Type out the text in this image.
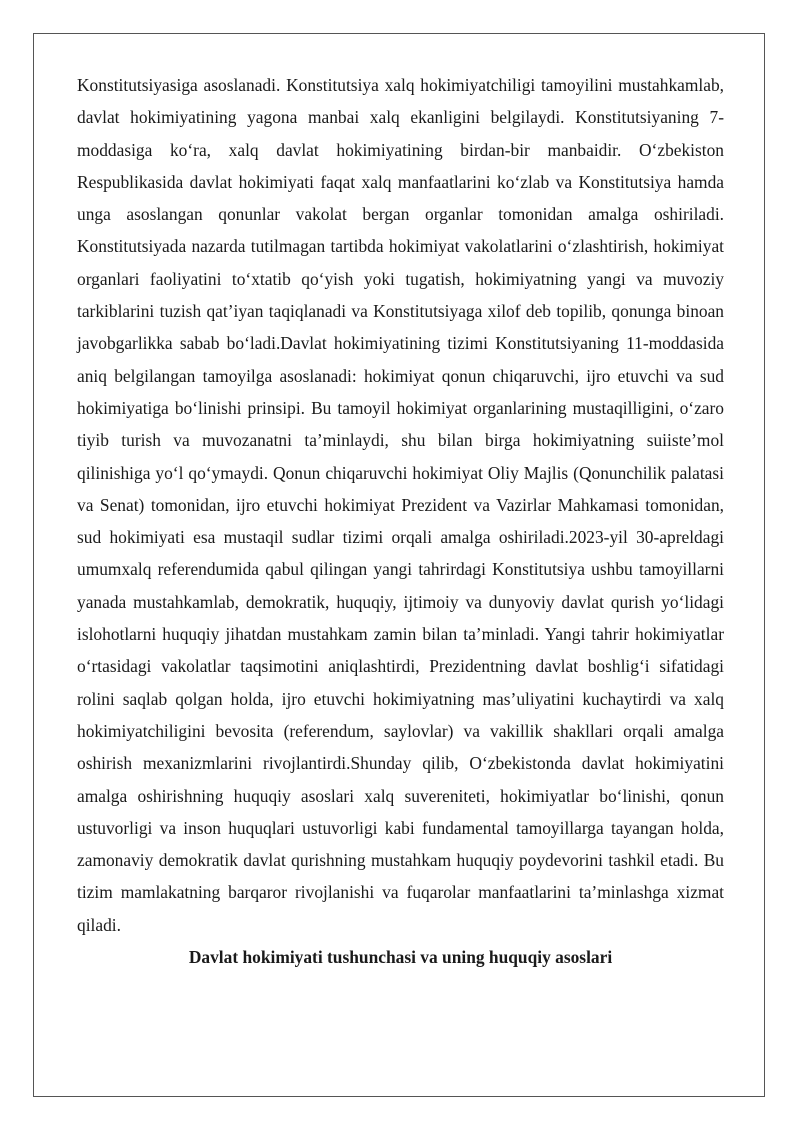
Konstitutsiyasiga asoslanadi. Konstitutsiya xalq hokimiyatchiligi tamoyilini mustahkamlab, davlat hokimiyatining yagona manbai xalq ekanligini belgilaydi. Konstitutsiyaning 7-moddasiga ko‘ra, xalq davlat hokimiyatining birdan-bir manbaidir. O‘zbekiston Respublikasida davlat hokimiyati faqat xalq manfaatlarini ko‘zlab va Konstitutsiya hamda unga asoslangan qonunlar vakolat bergan organlar tomonidan amalga oshiriladi. Konstitutsiyada nazarda tutilmagan tartibda hokimiyat vakolatlarini o‘zlashtirish, hokimiyat organlari faoliyatini to‘xtatib qo‘yish yoki tugatish, hokimiyatning yangi va muvoziy tarkiblarini tuzish qat’iyan taqiqlanadi va Konstitutsiyaga xilof deb topilib, qonunga binoan javobgarlikka sabab bo‘ladi.Davlat hokimiyatining tizimi Konstitutsiyaning 11-moddasida aniq belgilangan tamoyilga asoslanadi: hokimiyat qonun chiqaruvchi, ijro etuvchi va sud hokimiyatiga bo‘linishi prinsipi. Bu tamoyil hokimiyat organlarining mustaqilligini, o‘zaro tiyib turish va muvozanatni ta’minlaydi, shu bilan birga hokimiyatning suiiste’mol qilinishiga yo‘l qo‘ymaydi. Qonun chiqaruvchi hokimiyat Oliy Majlis (Qonunchilik palatasi va Senat) tomonidan, ijro etuvchi hokimiyat Prezident va Vazirlar Mahkamasi tomonidan, sud hokimiyati esa mustaqil sudlar tizimi orqali amalga oshiriladi.2023-yil 30-apreldagi umumxalq referendumida qabul qilingan yangi tahrirdagi Konstitutsiya ushbu tamoyillarni yanada mustahkamlab, demokratik, huquqiy, ijtimoiy va dunyoviy davlat qurish yo‘lidagi islohotlarni huquqiy jihatdan mustahkam zamin bilan ta’minladi. Yangi tahrir hokimiyatlar o‘rtasidagi vakolatlar taqsimotini aniqlashtirdi, Prezidentning davlat boshlig‘i sifatidagi rolini saqlab qolgan holda, ijro etuvchi hokimiyatning mas’uliyatini kuchaytirdi va xalq hokimiyatchiligini bevosita (referendum, saylovlar) va vakillik shakllari orqali amalga oshirish mexanizmlarini rivojlantirdi.Shunday qilib, O‘zbekistonda davlat hokimiyatini amalga oshirishning huquqiy asoslari xalq suvereniteti, hokimiyatlar bo‘linishi, qonun ustuvorligi va inson huquqlari ustuvorligi kabi fundamental tamoyillarga tayangan holda, zamonaviy demokratik davlat qurishning mustahkam huquqiy poydevorini tashkil etadi. Bu tizim mamlakatning barqaror rivojlanishi va fuqarolar manfaatlarini ta’minlashga xizmat qiladi.

Davlat hokimiyati tushunchasi va uning huquqiy asoslari
